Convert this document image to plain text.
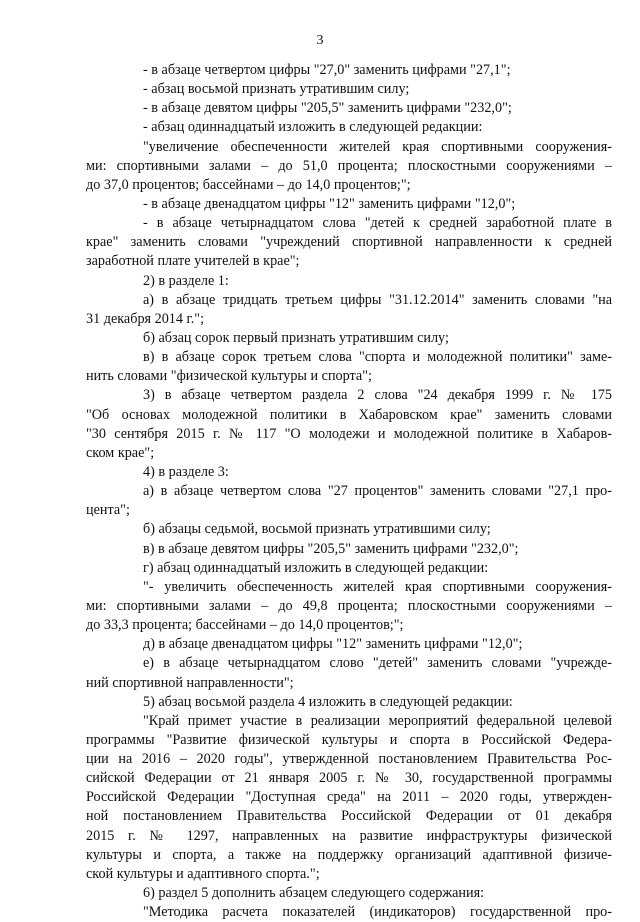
3
- в абзаце четвертом цифры "27,0" заменить цифрами "27,1";
- абзац восьмой признать утратившим силу;
- в абзаце девятом цифры "205,5" заменить цифрами "232,0";
- абзац одиннадцатый изложить в следующей редакции:
"увеличение обеспеченности жителей края спортивными сооружения-
ми: спортивными залами – до 51,0 процента; плоскостными сооружениями –
до 37,0 процентов; бассейнами – до 14,0 процентов;";
- в абзаце двенадцатом цифры "12" заменить цифрами "12,0";
- в абзаце четырнадцатом слова "детей к средней заработной плате в
крае" заменить словами "учреждений спортивной направленности к средней
заработной плате учителей в крае";
2) в разделе 1:
а) в абзаце тридцать третьем цифры "31.12.2014" заменить словами "на
31 декабря 2014 г.";
б) абзац сорок первый признать утратившим силу;
в) в абзаце сорок третьем слова "спорта и молодежной политики" заме-
нить словами "физической культуры и спорта";
3) в абзаце четвертом раздела 2 слова "24 декабря 1999 г. № 175
"Об основах молодежной политики в Хабаровском крае" заменить словами
"30 сентября 2015 г. № 117 "О молодежи и молодежной политике в Хабаров-
ском крае";
4) в разделе 3:
а) в абзаце четвертом слова "27 процентов" заменить словами "27,1 про-
цента";
б) абзацы седьмой, восьмой признать утратившими силу;
в) в абзаце девятом цифры "205,5" заменить цифрами "232,0";
г) абзац одиннадцатый изложить в следующей редакции:
"- увеличить обеспеченность жителей края спортивными сооружения-
ми: спортивными залами – до 49,8 процента; плоскостными сооружениями –
до 33,3 процента; бассейнами – до 14,0 процентов;";
д) в абзаце двенадцатом цифры "12" заменить цифрами "12,0";
е) в абзаце четырнадцатом слово "детей" заменить словами "учрежде-
ний спортивной направленности";
5) абзац восьмой раздела 4 изложить в следующей редакции:
"Край примет участие в реализации мероприятий федеральной целевой
программы "Развитие физической культуры и спорта в Российской Федера-
ции на 2016 – 2020 годы", утвержденной постановлением Правительства Рос-
сийской Федерации от 21 января 2005 г. № 30, государственной программы
Российской Федерации "Доступная среда" на 2011 – 2020 годы, утвержден-
ной постановлением Правительства Российской Федерации от 01 декабря
2015 г. № 1297, направленных на развитие инфраструктуры физической
культуры и спорта, а также на поддержку организаций адаптивной физиче-
ской культуры и адаптивного спорта.";
6) раздел 5 дополнить абзацем следующего содержания:
"Методика расчета показателей (индикаторов) государственной про-
